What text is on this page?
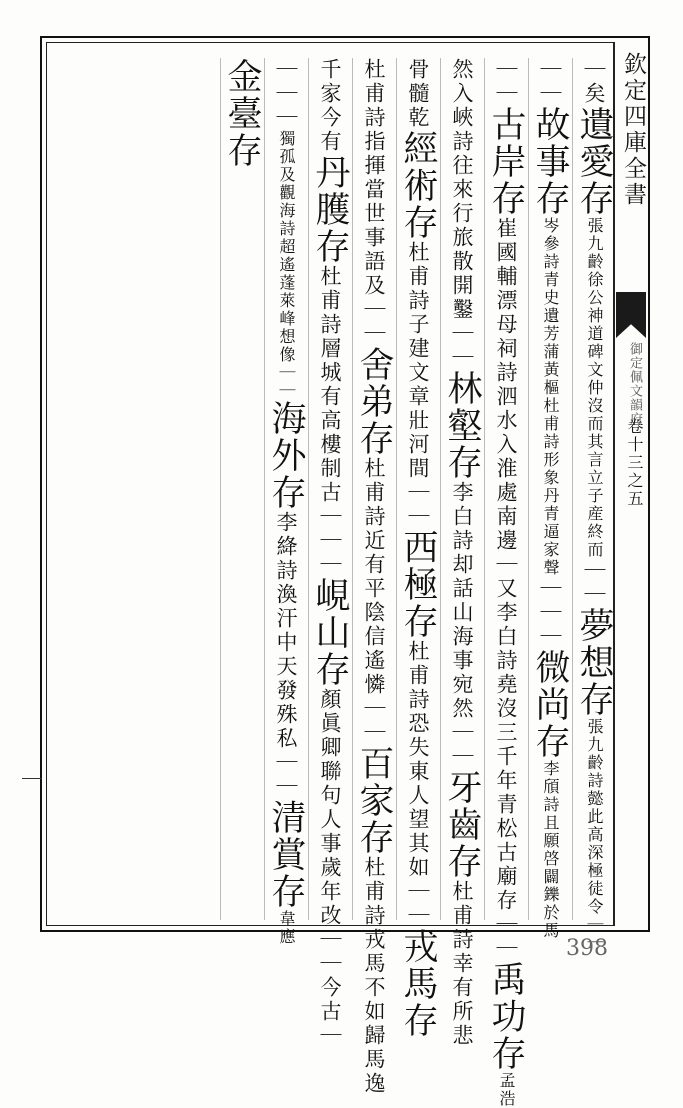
欽定四庫全書
御定佩文韻府
卷十三之五
｜矣遺愛存張九齡徐公神道碑文仲沒而其言立子産終而｜｜夢想存張九齡詩懿此高深極徒令｜｜
｜｜故事存岑參詩青史遺芳蒲黃樞杜甫詩形象丹青逼家聲｜｜｜微尚存李頎詩且願啓闢鑠於馬
｜｜古岸存崔國輔漂母祠詩泗水入淮處南邊｜又李白詩堯沒三千年青松古廟存｜｜禹功存孟浩
然入峽詩往來行旅散開鑿｜｜林壑存李白詩却話山海事宛然｜｜牙齒存杜甫詩幸有所悲
骨髓乾經術存杜甫詩子建文章壯河間｜｜西極存杜甫詩恐失東人望其如｜｜戎馬存
杜甫詩指揮當世事語及｜｜舍弟存杜甫詩近有平陰信遙憐｜｜百家存杜甫詩戎馬不如歸馬逸
千家今有丹臒存杜甫詩層城有高樓制古｜｜｜峴山存顏眞卿聯句人事歲年改｜｜今古｜
｜｜｜獨孤及觀海詩超遙蓬萊峰想像｜｜海外存李絳詩渙汗中天發殊私｜｜清賞存韋應
金臺存
398
